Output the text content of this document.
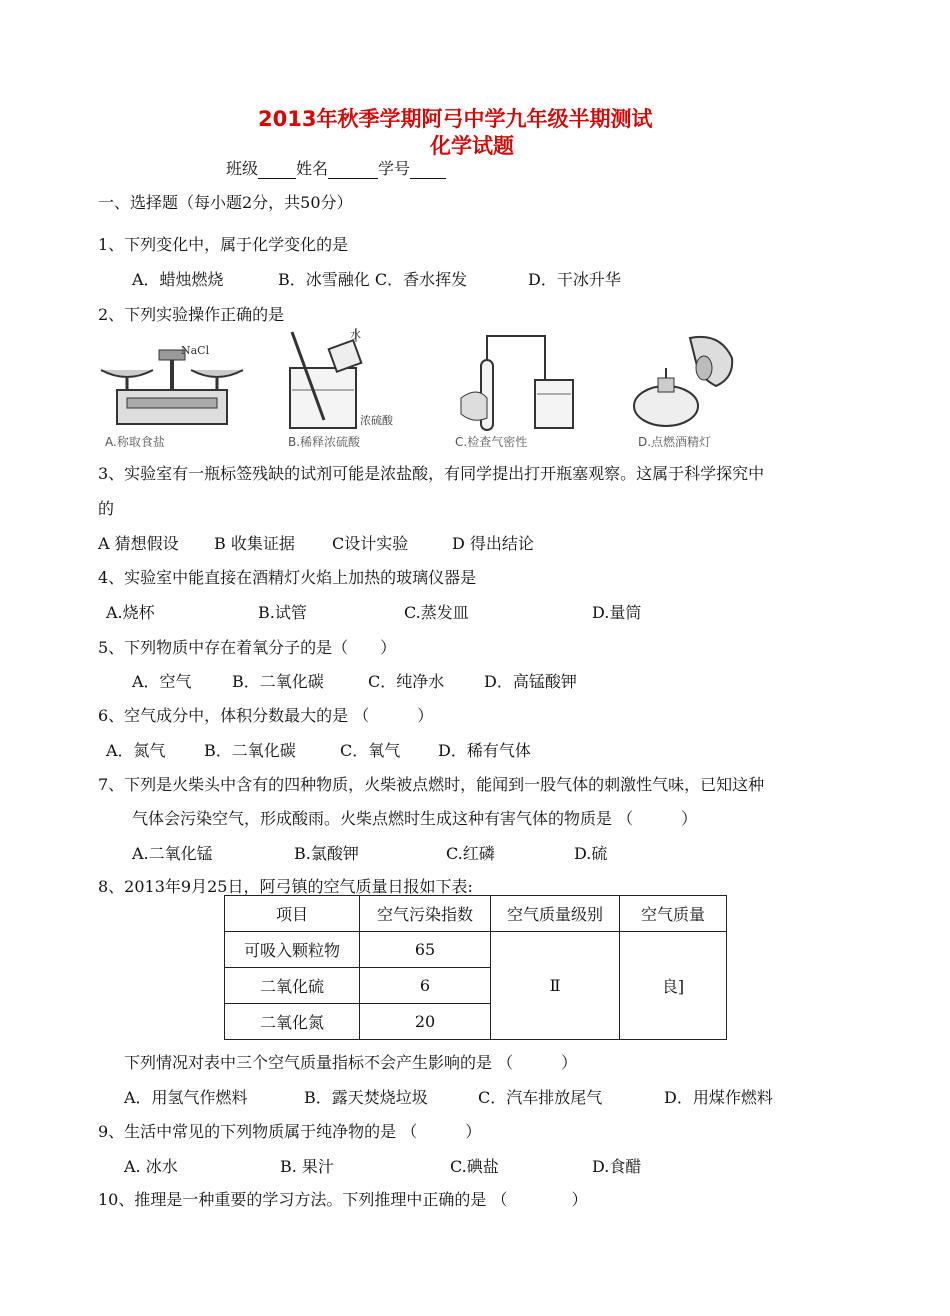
2013年秋季学期阿弓中学九年级半期测试
化学试题
班级 姓名	学号
一、选择题（每小题2分，共50分）
1、下列变化中，属于化学变化的是
A．蜡烛燃烧	B．冰雪融化 C．香水挥发	D．干冰升华
2、下列实验操作正确的是
NaCl
A.称取食盐
水
浓硫酸
B.稀释浓硫酸	C.检查气密性	D.点燃酒精灯
3、实验室有一瓶标签残缺的试剂可能是浓盐酸，有同学提出打开瓶塞观察。这属于科学探究中
的
A 猜想假设 B 收集证据 C设计实验	D 得出结论
4、实验室中能直接在酒精灯火焰上加热的玻璃仪器是
A.烧杯	B.试管	C.蒸发皿	D.量筒
5、下列物质中存在着氧分子的是（　　）
A．空气	B．二氧化碳	C．纯净水 D．高锰酸钾
6、空气成分中，体积分数最大的是 （　　　）
A．氮气 B．二氧化碳	C．氧气 D．稀有气体
7、下列是火柴头中含有的四种物质，火柴被点燃时，能闻到一股气体的刺激性气味，已知这种
气体会污染空气，形成酸雨。火柴点燃时生成这种有害气体的物质是 （　　　）
A.二氧化锰	B.氯酸钾	C.红磷	D.硫
8、2013年9月25日，阿弓镇的空气质量日报如下表:
项目	空气污染指数	空气质量级别	空气质量
可吸入颗粒物	65	Ⅱ	良]
二氧化硫	6		
二氧化氮	20		
下列情况对表中三个空气质量指标不会产生影响的是 （　　　）
A．用氢气作燃料	B．露天焚烧垃圾	C．汽车排放尾气	D．用煤作燃料
9、生活中常见的下列物质属于纯净物的是 （　　　）
A. 冰水	B. 果汁	C.碘盐	D.食醋
10、推理是一种重要的学习方法。下列推理中正确的是 （　　　　）
